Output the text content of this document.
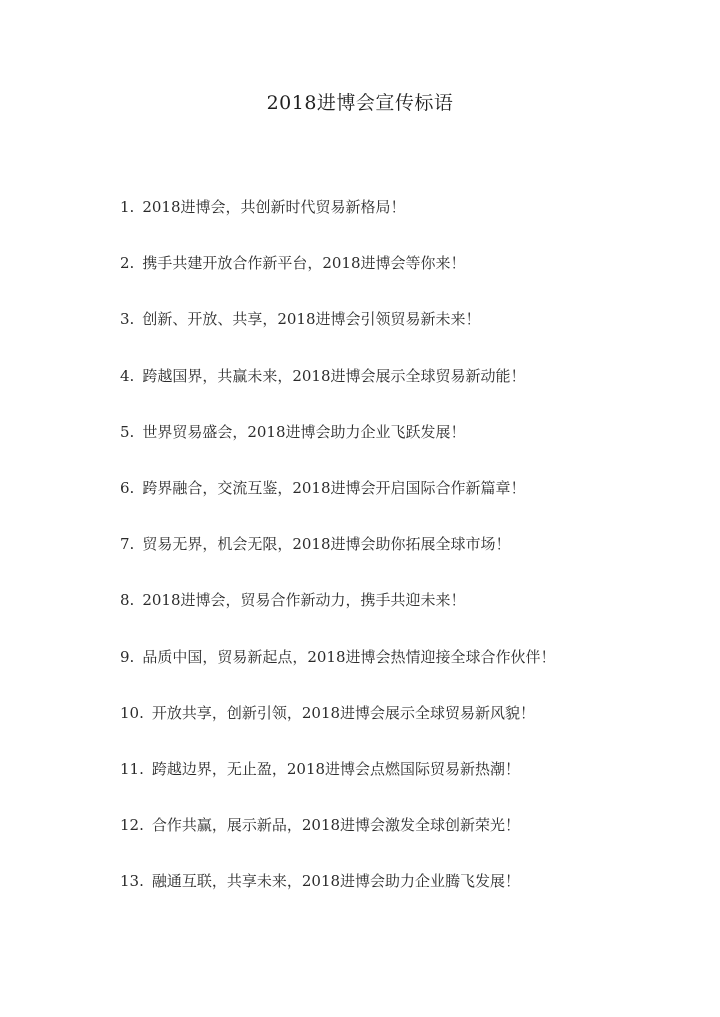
2018进博会宣传标语
1. 2018进博会，共创新时代贸易新格局！
2. 携手共建开放合作新平台，2018进博会等你来！
3. 创新、开放、共享，2018进博会引领贸易新未来！
4. 跨越国界，共赢未来，2018进博会展示全球贸易新动能！
5. 世界贸易盛会，2018进博会助力企业飞跃发展！
6. 跨界融合，交流互鉴，2018进博会开启国际合作新篇章！
7. 贸易无界，机会无限，2018进博会助你拓展全球市场！
8. 2018进博会，贸易合作新动力，携手共迎未来！
9. 品质中国，贸易新起点，2018进博会热情迎接全球合作伙伴！
10. 开放共享，创新引领，2018进博会展示全球贸易新风貌！
11. 跨越边界，无止盈，2018进博会点燃国际贸易新热潮！
12. 合作共赢，展示新品，2018进博会激发全球创新荣光！
13. 融通互联，共享未来，2018进博会助力企业腾飞发展！
